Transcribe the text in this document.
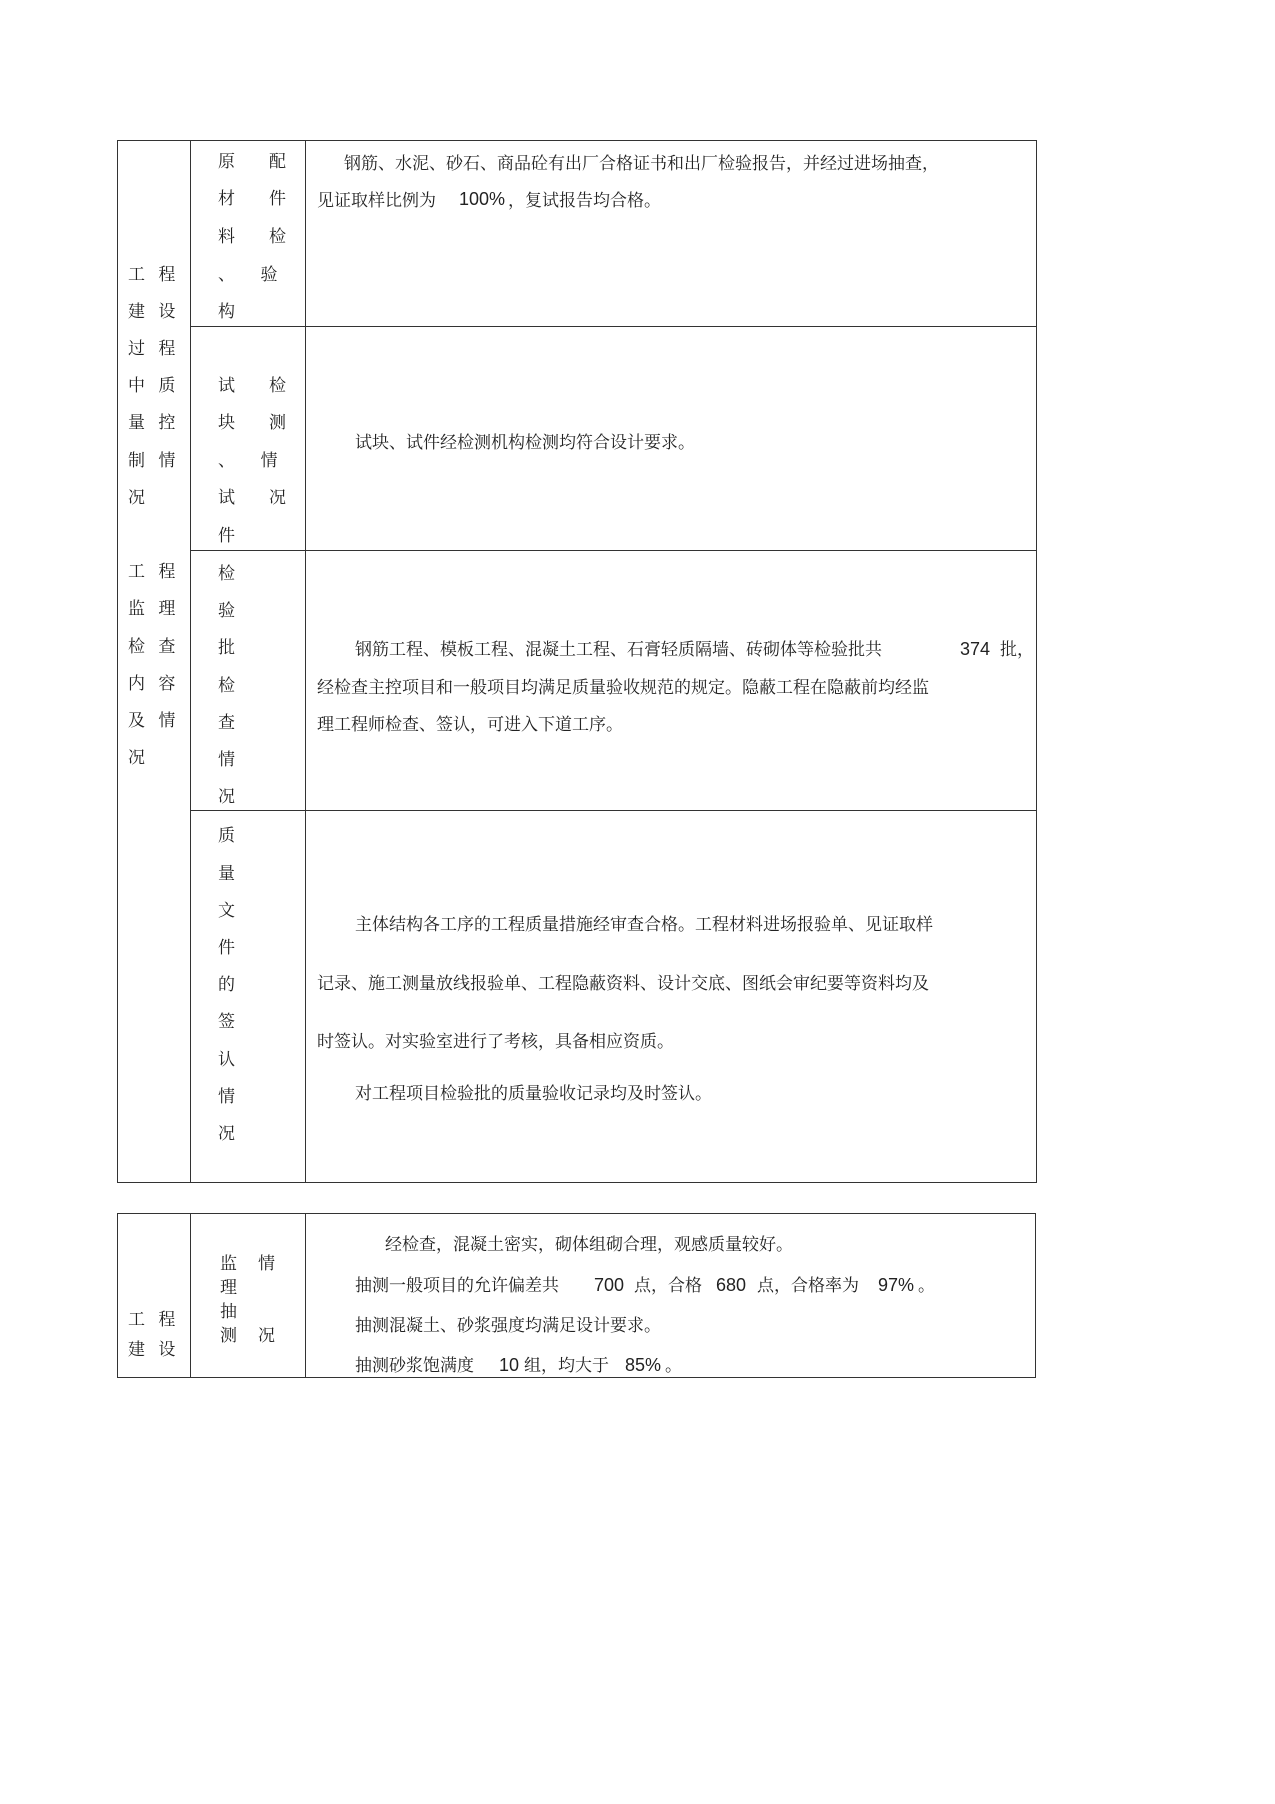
工 程
建 设
过 程
中 质
量 控
制 情
况
工 程
监 理
检 查
内 容
及 情
况
原　　配
材　　件
料　　检
、　　验
构
钢筋、水泥、砂石、商品砼有出厂合格证书和出厂检验报告，并经过进场抽查，
见证取样比例为 100% ，复试报告均合格。
试　　检
块　　测
、　　情
试　　况
件
试块、试件经检测机构检测均符合设计要求。
检
验
批
检
查
情
况
钢筋工程、模板工程、混凝土工程、石膏轻质隔墙、砖砌体等检验批共	374 批，
经检查主控项目和一般项目均满足质量验收规范的规定。隐蔽工程在隐蔽前均经监
理工程师检查、签认，可进入下道工序。
质
量
文
件
的
签
认
情
况
主体结构各工序的工程质量措施经审查合格。工程材料进场报验单、见证取样
记录、施工测量放线报验单、工程隐蔽资料、设计交底、图纸会审纪要等资料均及
时签认。对实验室进行了考核，具备相应资质。
对工程项目检验批的质量验收记录均及时签认。
工 程
建 设
监 情
理
抽
测 况
经检查，混凝土密实，砌体组砌合理，观感质量较好。
抽测一般项目的允许偏差共 700 点，合格 680 点，合格率为 97% 。
抽测混凝土、砂浆强度均满足设计要求。
抽测砂浆饱满度 10 组，均大于 85% 。
